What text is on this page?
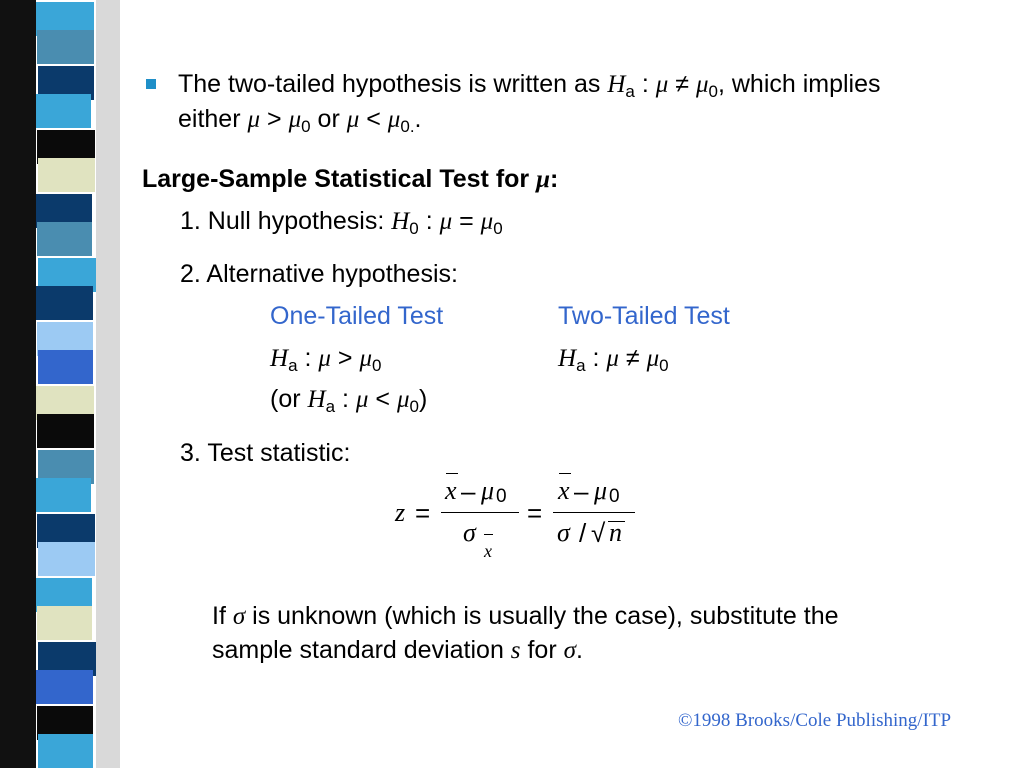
The two-tailed hypothesis is written as $H_a$ : $\mu \ne \mu_0$, which implies
either $\mu > \mu_0$ or $\mu < \mu_{0.}$.
Large-Sample Statistical Test for μ:
1. Null hypothesis: $H_0$ : $\mu = \mu_0$
2. Alternative hypothesis:
One-Tailed Test	Two-Tailed Test
$H_a$ : $\mu > \mu_0$	$H_a$ : $\mu \ne \mu_0$
(or $H_a$ : $\mu < \mu_0$)
3. Test statistic:
z =
x – μ 0
σ
x
=
x – μ 0
σ / √ n
If σ is unknown (which is usually the case), substitute the
sample standard deviation s for σ.
©1998 Brooks/Cole Publishing/ITP
